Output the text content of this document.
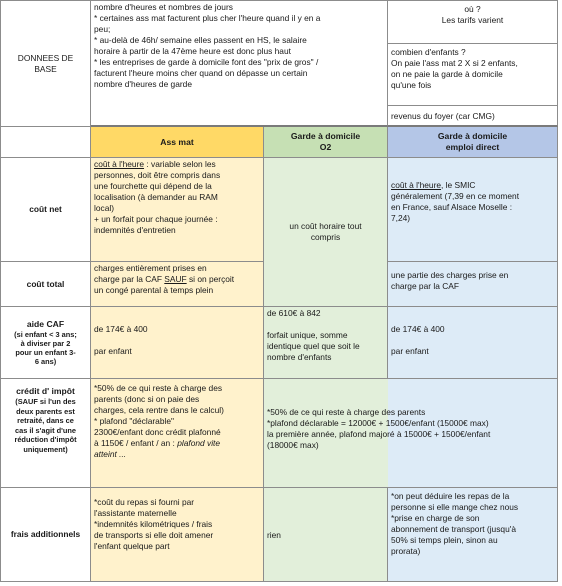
DONNEES DE BASE
nombre d'heures et nombres de jours
* certaines ass mat facturent plus cher l'heure quand il y en a
peu;
* au-delà de 46h/ semaine elles passent en HS, le salaire
horaire à partir de la 47ème heure est donc plus haut
* les entreprises de garde à domicile font des "prix de gros" /
facturent l'heure moins cher quand on dépasse un certain
nombre d'heures de garde
où ?
Les tarifs varient
combien d'enfants ?
On paie l'ass mat 2 X si 2 enfants,
on ne paie la garde à domicile
qu'une fois
revenus du foyer (car CMG)
Ass mat
Garde à domicile
O2
Garde à domicile
emploi direct
coût net
coût à l'heure : variable selon les
personnes, doit être compris dans
une fourchette qui dépend de la
localisation (à demander au RAM
local)
+ un forfait pour chaque journée :
indemnités d'entretien	un coût horaire tout
compris
coût à l'heure, le SMIC
généralement (7,39 en ce moment
en France, sauf Alsace Moselle :
7,24)
coût total
charges entièrement prises en
charge par la CAF SAUF si on perçoit
un congé parental à temps plein
une partie des charges prise en
charge par la CAF
aide CAF
(si enfant < 3 ans;
à diviser par 2
pour un enfant 3-
6 ans)
de 174€ à 400
par enfant
de 610€ à 842
forfait unique, somme
identique quel que soit le
nombre d'enfants
de 174€ à 400
par enfant
crédit d' impôt
(SAUF si l'un des
deux parents est
retraité, dans ce
cas il s'agit d'une
réduction d'impôt
uniquement)
*50% de ce qui reste à charge des
parents (donc si on paie des
charges, cela rentre dans le calcul)
* plafond "déclarable"
2300€/enfant donc crédit plafonné
à 1150€ / enfant / an : plafond vite
atteint ...
*50% de ce qui reste à charge des parents
*plafond déclarable = 12000€ + 1500€/enfant (15000€ max)
la première année, plafond majoré à 15000€ + 1500€/enfant
(18000€ max)
frais additionnels
*coût du repas si fourni par
l'assistante maternelle
*indemnités kilométriques / frais
de transports si elle doit amener
l'enfant quelque part
rien
*on peut déduire les repas de la
personne si elle mange chez nous
*prise en charge de son
abonnement de transport (jusqu'à
50% si temps plein, sinon au
prorata)
